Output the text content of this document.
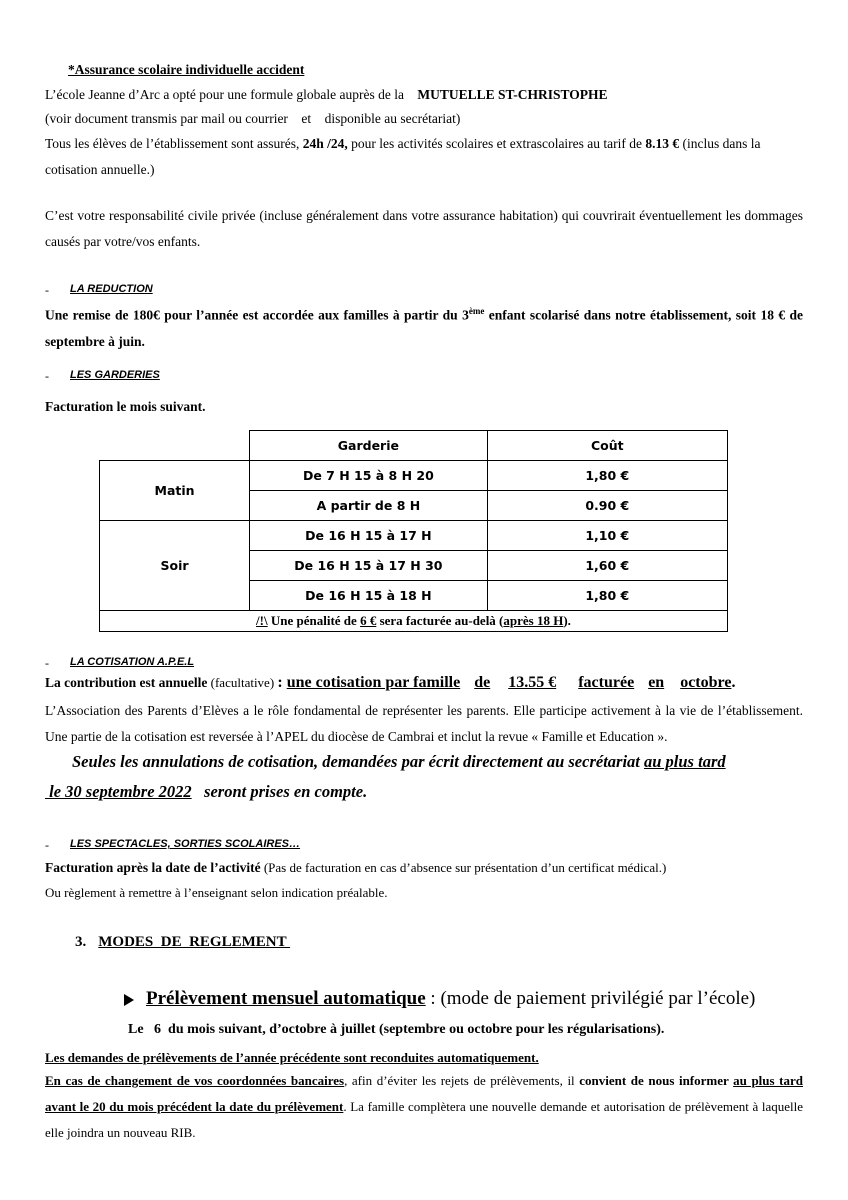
*Assurance scolaire individuelle accident
L’école Jeanne d’Arc a opté pour une formule globale auprès de la MUTUELLE ST-CHRISTOPHE
(voir document transmis par mail ou courrier    et    disponible au secrétariat)
Tous les élèves de l’établissement sont assurés, 24h /24, pour les activités scolaires et extrascolaires au tarif de 8.13 € (inclus dans la
cotisation annuelle.)
C’est votre responsabilité civile privée (incluse généralement dans votre assurance habitation) qui couvrirait éventuellement les dommages causés par votre/vos enfants.
- LA REDUCTION
Une remise de 180€ pour l’année est accordée aux familles à partir du 3ème enfant scolarisé dans notre établissement, soit 18 € de septembre à juin.
- LES GARDERIES
Facturation le mois suivant.
	Garderie	Coût
Matin	De 7 H 15 à 8 H 20	1,80 €
	A partir de 8 H	0.90 €
Soir	De 16 H 15 à 17 H	1,10 €
	De 16 H 15 à 17 H 30	1,60 €
	De 16 H 15 à 18 H	1,80 €
/!\ Une pénalité de 6 € sera facturée au-delà (après 18 H).		
- LA COTISATION A.P.E.L
La contribution est annuelle (facultative) : une cotisation par famille de 13.55 € facturée en octobre.
L’Association des Parents d’Elèves a le rôle fondamental de représenter les parents. Elle participe activement à la vie de l’établissement. Une partie de la cotisation est reversée à l’APEL du diocèse de Cambrai et inclut la revue « Famille et Education ».
Seules les annulations de cotisation, demandées par écrit directement au secrétariat au plus tard
le 30 septembre 2022   seront prises en compte.
- LES SPECTACLES, SORTIES SCOLAIRES…
Facturation après la date de l’activité (Pas de facturation en cas d’absence sur présentation d’un certificat médical.)
Ou règlement à remettre à l’enseignant selon indication préalable.
3. MODES  DE  REGLEMENT
Prélèvement mensuel automatique : (mode de paiement privilégié par l’école)
Le   6  du mois suivant, d’octobre à juillet (septembre ou octobre pour les régularisations).
Les demandes de prélèvements de l’année précédente sont reconduites automatiquement.
En cas de changement de vos coordonnées bancaires, afin d’éviter les rejets de prélèvements, il convient de nous informer au plus tard avant le 20 du mois précédent la date du prélèvement. La famille complètera une nouvelle demande et autorisation de prélèvement à laquelle elle joindra un nouveau RIB.
